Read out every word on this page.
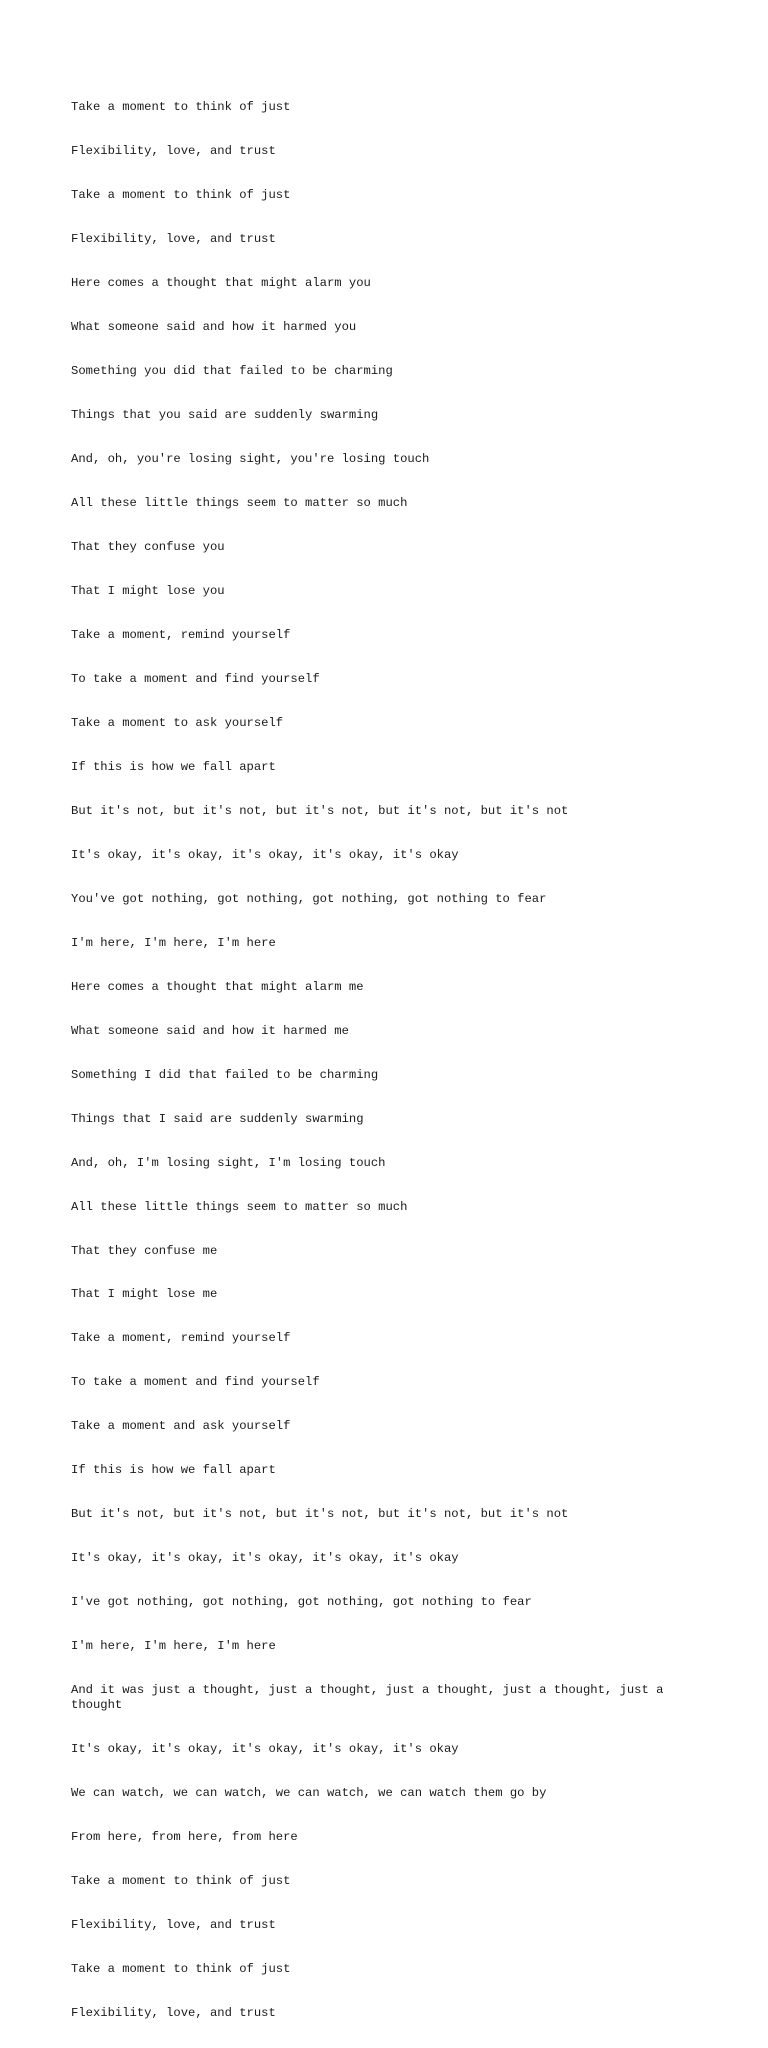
Take a moment to think of just

Flexibility, love, and trust

Take a moment to think of just

Flexibility, love, and trust

Here comes a thought that might alarm you

What someone said and how it harmed you

Something you did that failed to be charming

Things that you said are suddenly swarming

And, oh, you're losing sight, you're losing touch

All these little things seem to matter so much

That they confuse you

That I might lose you

Take a moment, remind yourself

To take a moment and find yourself

Take a moment to ask yourself

If this is how we fall apart

But it's not, but it's not, but it's not, but it's not, but it's not

It's okay, it's okay, it's okay, it's okay, it's okay

You've got nothing, got nothing, got nothing, got nothing to fear

I'm here, I'm here, I'm here

Here comes a thought that might alarm me

What someone said and how it harmed me

Something I did that failed to be charming

Things that I said are suddenly swarming

And, oh, I'm losing sight, I'm losing touch

All these little things seem to matter so much

That they confuse me

That I might lose me

Take a moment, remind yourself

To take a moment and find yourself

Take a moment and ask yourself

If this is how we fall apart

But it's not, but it's not, but it's not, but it's not, but it's not

It's okay, it's okay, it's okay, it's okay, it's okay

I've got nothing, got nothing, got nothing, got nothing to fear

I'm here, I'm here, I'm here

And it was just a thought, just a thought, just a thought, just a thought, just a thought

It's okay, it's okay, it's okay, it's okay, it's okay

We can watch, we can watch, we can watch, we can watch them go by

From here, from here, from here

Take a moment to think of just

Flexibility, love, and trust

Take a moment to think of just

Flexibility, love, and trust
